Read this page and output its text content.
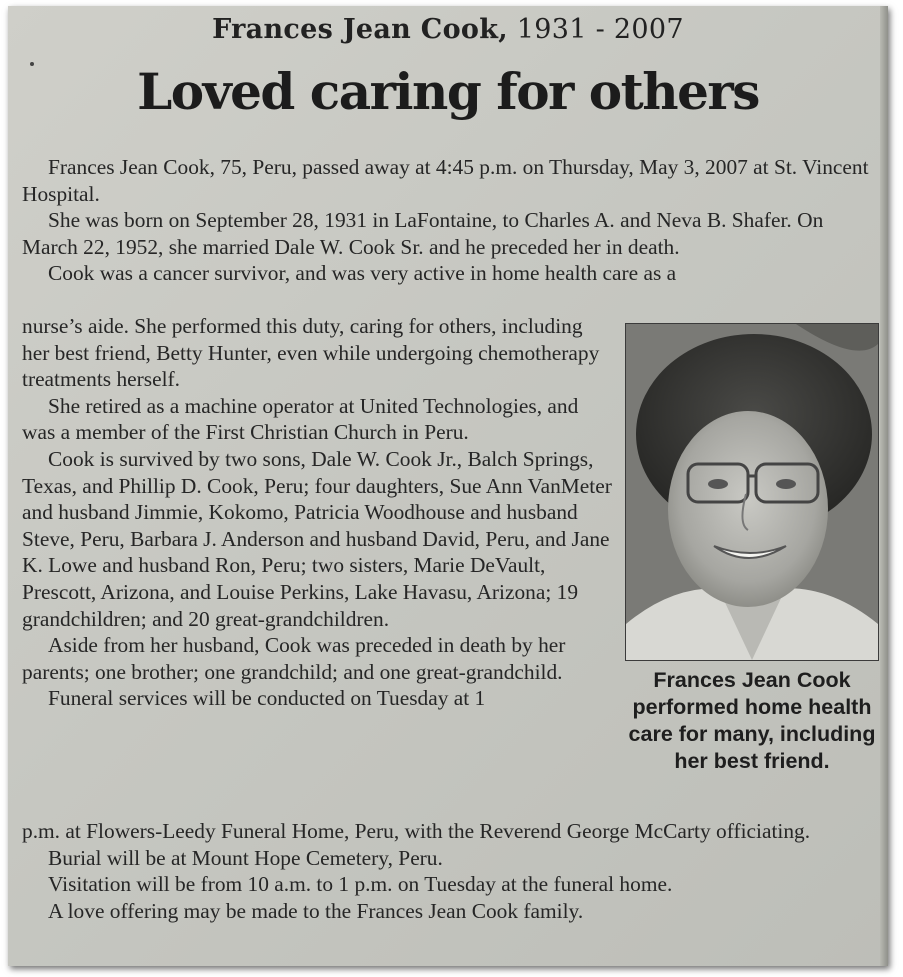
Frances Jean Cook, 1931 - 2007
Loved caring for others

Frances Jean Cook, 75, Peru, passed away at 4:45 p.m. on Thursday, May 3, 2007 at St. Vincent Hospital.

She was born on September 28, 1931 in LaFontaine, to Charles A. and Neva B. Shafer. On March 22, 1952, she married Dale W. Cook Sr. and he preceded her in death.

Cook was a cancer survivor, and was very active in home health care as a

nurse’s aide. She performed this duty, caring for others, including her best friend, Betty Hunter, even while undergoing chemotherapy treatments herself.

She retired as a machine operator at United Technologies, and was a member of the First Christian Church in Peru.

Cook is survived by two sons, Dale W. Cook Jr., Balch Springs, Texas, and Phillip D. Cook, Peru; four daughters, Sue Ann VanMeter and husband Jimmie, Kokomo, Patricia Woodhouse and husband Steve, Peru, Barbara J. Anderson and husband David, Peru, and Jane K. Lowe and husband Ron, Peru; two sisters, Marie DeVault, Prescott, Arizona, and Louise Perkins, Lake Havasu, Arizona; 19 grandchildren; and 20 great-grandchildren.

Aside from her husband, Cook was preceded in death by her parents; one brother; one grandchild; and one great-grandchild.

Funeral services will be conducted on Tuesday at 1

p.m. at Flowers-Leedy Funeral Home, Peru, with the Reverend George McCarty officiating.

Burial will be at Mount Hope Cemetery, Peru.

Visitation will be from 10 a.m. to 1 p.m. on Tuesday at the funeral home.

A love offering may be made to the Frances Jean Cook family.

Frances Jean Cook performed home health care for many, including her best friend.
